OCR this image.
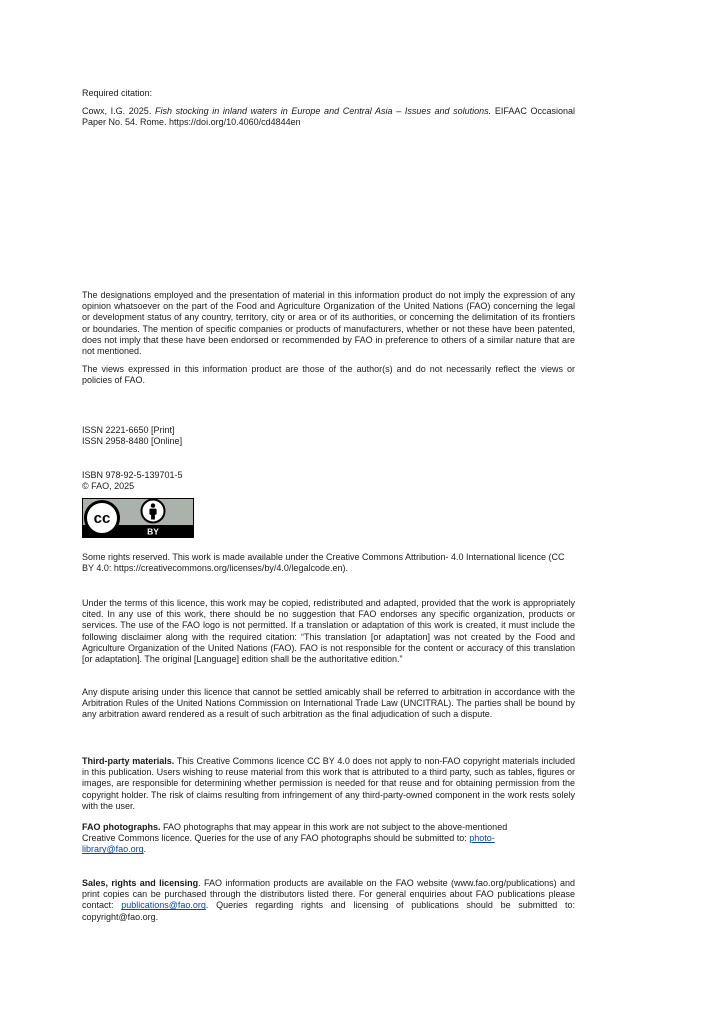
Required citation:
Cowx, I.G. 2025. Fish stocking in inland waters in Europe and Central Asia – Issues and solutions. EIFAAC Occasional Paper No. 54. Rome. https://doi.org/10.4060/cd4844en
The designations employed and the presentation of material in this information product do not imply the expression of any opinion whatsoever on the part of the Food and Agriculture Organization of the United Nations (FAO) concerning the legal or development status of any country, territory, city or area or of its authorities, or concerning the delimitation of its frontiers or boundaries. The mention of specific companies or products of manufacturers, whether or not these have been patented, does not imply that these have been endorsed or recommended by FAO in preference to others of a similar nature that are not mentioned.
The views expressed in this information product are those of the author(s) and do not necessarily reflect the views or policies of FAO.
ISSN 2221-6650 [Print]
ISSN 2958-8480 [Online]
ISBN 978-92-5-139701-5
© FAO, 2025
cc
BY
Some rights reserved. This work is made available under the Creative Commons Attribution- 4.0 International licence (CC BY 4.0: https://creativecommons.org/licenses/by/4.0/legalcode.en).
Under the terms of this licence, this work may be copied, redistributed and adapted, provided that the work is appropriately cited. In any use of this work, there should be no suggestion that FAO endorses any specific organization, products or services. The use of the FAO logo is not permitted. If a translation or adaptation of this work is created, it must include the following disclaimer along with the required citation: “This translation [or adaptation] was not created by the Food and Agriculture Organization of the United Nations (FAO). FAO is not responsible for the content or accuracy of this translation [or adaptation]. The original [Language] edition shall be the authoritative edition.”
Any dispute arising under this licence that cannot be settled amicably shall be referred to arbitration in accordance with the Arbitration Rules of the United Nations Commission on International Trade Law (UNCITRAL). The parties shall be bound by any arbitration award rendered as a result of such arbitration as the final adjudication of such a dispute.
Third-party materials. This Creative Commons licence CC BY 4.0 does not apply to non-FAO copyright materials included in this publication. Users wishing to reuse material from this work that is attributed to a third party, such as tables, figures or images, are responsible for determining whether permission is needed for that reuse and for obtaining permission from the copyright holder. The risk of claims resulting from infringement of any third-party-owned component in the work rests solely with the user.
FAO photographs. FAO photographs that may appear in this work are not subject to the above-mentioned
Creative Commons licence. Queries for the use of any FAO photographs should be submitted to: photo-
library@fao.org.
Sales, rights and licensing. FAO information products are available on the FAO website (www.fao.org/publications) and print copies can be purchased through the distributors listed there. For general enquiries about FAO publications please contact: publications@fao.org. Queries regarding rights and licensing of publications should be submitted to: copyright@fao.org.
